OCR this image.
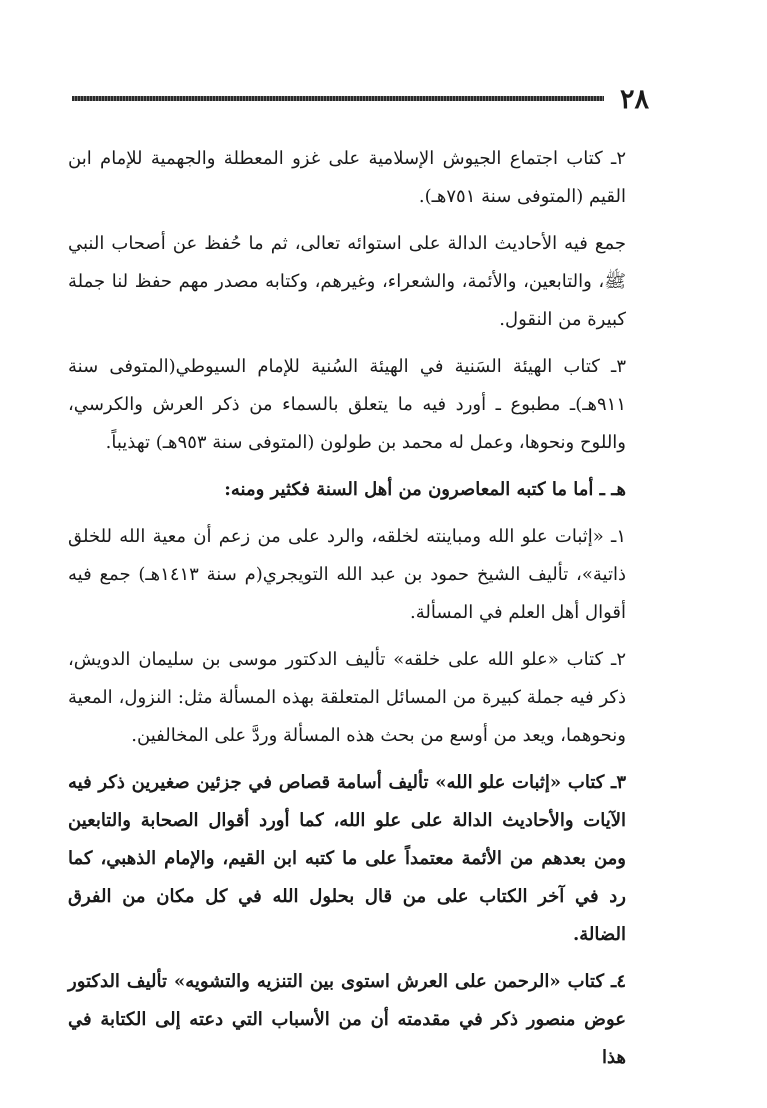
٢٨

٢ـ كتاب اجتماع الجيوش الإسلامية على غزو المعطلة والجهمية للإمام ابن القيم (المتوفى سنة ٧٥١هـ).

جمع فيه الأحاديث الدالة على استوائه تعالى، ثم ما حُفظ عن أصحاب النبي ﷺ، والتابعين، والأئمة، والشعراء، وغيرهم، وكتابه مصدر مهم حفظ لنا جملة كبيرة من النقول.

٣ـ كتاب الهيئة السَنية في الهيئة السُنية للإمام السيوطي(المتوفى سنة ٩١١هـ)ـ مطبوع ـ أورد فيه ما يتعلق بالسماء من ذكر العرش والكرسي، واللوح ونحوها، وعمل له محمد بن طولون (المتوفى سنة ٩٥٣هـ) تهذيباً.

هـ ـ أما ما كتبه المعاصرون من أهل السنة فكثير ومنه:

١ـ «إثبات علو الله ومباينته لخلقه، والرد على من زعم أن معية الله للخلق ذاتية»، تأليف الشيخ حمود بن عبد الله التويجري(م سنة ١٤١٣هـ) جمع فيه أقوال أهل العلم في المسألة.

٢ـ كتاب «علو الله على خلقه» تأليف الدكتور موسى بن سليمان الدويش، ذكر فيه جملة كبيرة من المسائل المتعلقة بهذه المسألة مثل: النزول، المعية ونحوهما، ويعد من أوسع من بحث هذه المسألة وردَّ على المخالفين.

٣ـ كتاب «إثبات علو الله» تأليف أسامة قصاص في جزئين صغيرين ذكر فيه الآيات والأحاديث الدالة على علو الله، كما أورد أقوال الصحابة والتابعين ومن بعدهم من الأئمة معتمداً على ما كتبه ابن القيم، والإمام الذهبي، كما رد في آخر الكتاب على من قال بحلول الله في كل مكان من الفرق الضالة.

٤ـ كتاب «الرحمن على العرش استوى بين التنزيه والتشويه» تأليف الدكتور عوض منصور ذكر في مقدمته أن من الأسباب التي دعته إلى الكتابة في هذا
